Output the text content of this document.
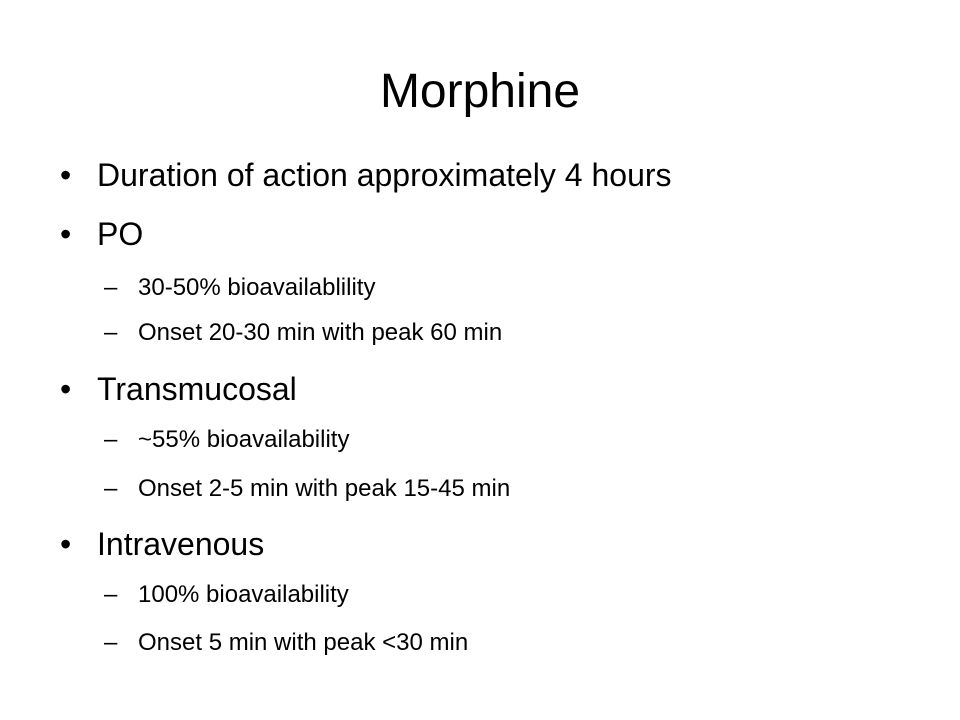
Morphine
• Duration of action approximately 4 hours
• PO
– 30-50% bioavailablility
– Onset 20-30 min with peak 60 min
• Transmucosal
– ~55% bioavailability
– Onset 2-5 min with peak 15-45 min
• Intravenous
– 100% bioavailability
– Onset 5 min with peak <30 min
